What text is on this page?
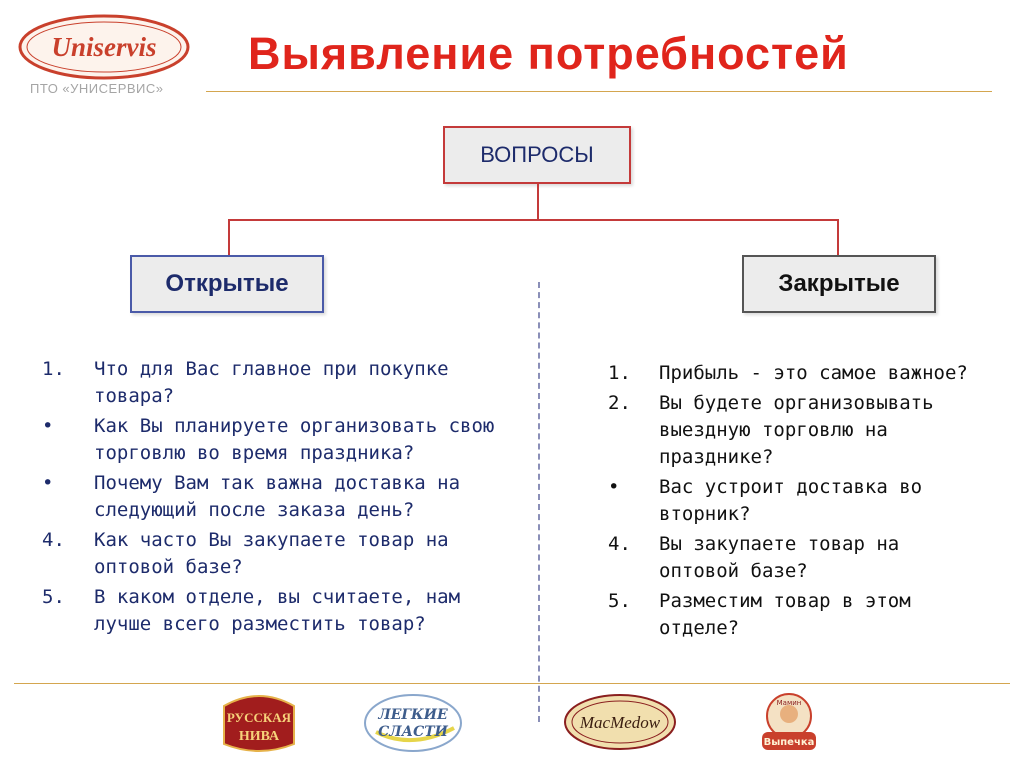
Uniservis
ПТО «УНИСЕРВИС»
Выявление потребностей
ВОПРОСЫ
Открытые	Закрытые
1. Что для Вас главное при покупке товара?
• Как Вы планируете организовать свою торговлю во время праздника?
• Почему Вам так важна доставка на следующий после заказа день?
4. Как часто Вы закупаете товар на оптовой базе?
5. В каком отделе, вы считаете, нам лучше всего разместить товар?
1. Прибыль - это самое важное?
2. Вы будете организовывать выездную торговлю на празднике?
• Вас устроит доставка во вторник?
4. Вы закупаете товар на оптовой базе?
5. Разместим товар в этом отделе?
РУССКАЯ
НИВА
ЛЕГКИЕ
СЛАСТИ	MacMedow
Мамин
Выпечка
